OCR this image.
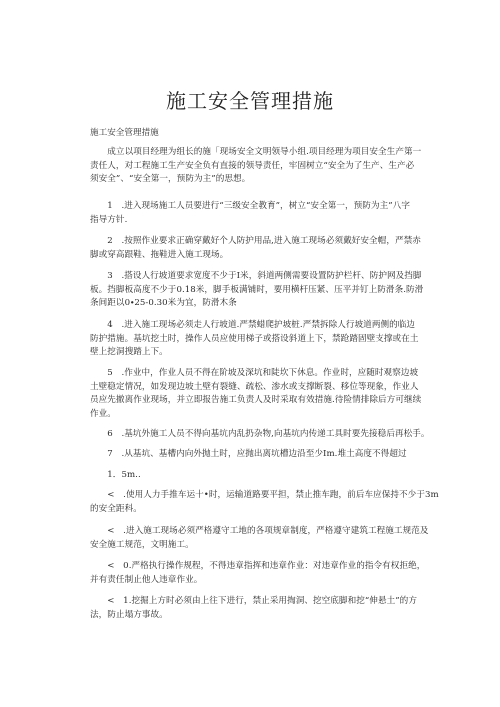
施工安全管理措施
施工安全管理措施
　　成立以项目经理为组长的施「现场安全文明领导小组.项目经理为项目安全生产第一
责任人，对工程施工生产安全负有直接的领导责任，牢固树立“安全为了生产、生产必
须安全”、“安全第一，预防为主”的思想。
　　1　.进入现场施工人员要进行“三级安全教育”，树立“安全第一，预防为主”八字
指导方针.
　　2　.按照作业要求正确穿戴好个人防护用品,进入施工现场必须戴好安全帽，严禁赤
脚或穿高跟鞋、拖鞋进入施工现场。
　　3　.搭设人行坡道要求宽度不少于I米，斜道两侧需要设置防护栏杆、防护网及挡脚
板。挡脚板高度不少于0.18米，脚手板满铺时，要用横杆压紧、压平并钉上防滑条.防滑
条间距以0∙25-0.30米为宜，防滑木条
　　4　.进入施工现场必须走人行坡道.严禁蜡爬护坡桩.严禁拆除人行坡道两侧的临边
防护措施。基坑挖土时，操作人员应使用梯子或搭设斜道上下，禁跄踏固壁支撑或在土
壁上挖洞搜踏上下。
　　5　.作业中，作业人员不得在阶坡及深坑和陡坎下休息。作业时，应随时观察边坡
土壁稳定情况，如发现边坡土壁有裂缝、疏松、渗水或支撑断裂、移位等现象，作业人
员应先撤离作业现场，并立即报告施工负责人及时采取有效措施.待险情排除后方可继续
作业。
　　6　.基坑外施工人员不得向基坑内乱扔杂物,向基坑内传递工具时要先接稳后再松手。
　　7　.从基坑、基槽内向外抛土时，应抛出离坑槽边沿至少Im.堆土高度不得超过
　　1．5m..
　　<　.使用人力手推车运十•时，运输道路要平担，禁止推车跑，前后车应保持不少于3m
的安全距科。
　　<　.进入施工现场必须严格遵守工地的各项规章制度，严格遵守建筑工程施工规范及
安全施工规范，文明施工。
　　<　0.严格执行操作规程，不得违章指挥和违章作业：对违章作业的指令有权拒绝，
并有责任制止他人违章作业。
　　<　1.挖掘上方时必须由上往下进行，禁止采用掏洞、挖空底脚和挖“伸悬土”的方
法，防止塌方事故。
